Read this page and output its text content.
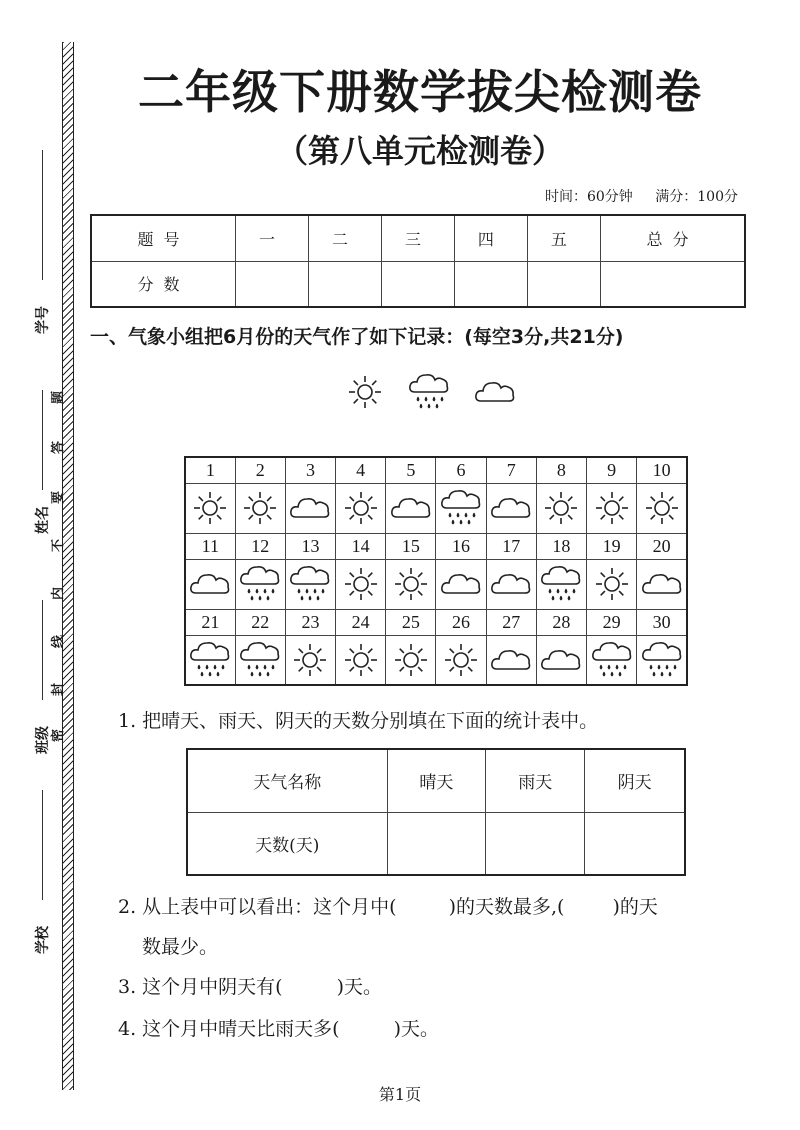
学号
姓名
班级
学校
题
答
要
不
内
线
封
密
二年级下册数学拔尖检测卷
（第八单元检测卷）
时间：60分钟 满分：100分
题号	一	二	三	四	五	总分
分数						
一、气象小组把6月份的天气作了如下记录：(每空3分,共21分)
1	2	3	4	5	6	7	8	9	10

11	12	13	14	15	16	17	18	19	20

21	22	23	24	25	26	27	28	29	30

1. 把晴天、雨天、阴天的天数分别填在下面的统计表中。
天气名称	晴天	雨天	阴天
天数(天)			
2. 从上表中可以看出：这个月中(	)的天数最多,(	)的天
数最少。
3. 这个月中阴天有(	)天。
4. 这个月中晴天比雨天多(	)天。
第1页
